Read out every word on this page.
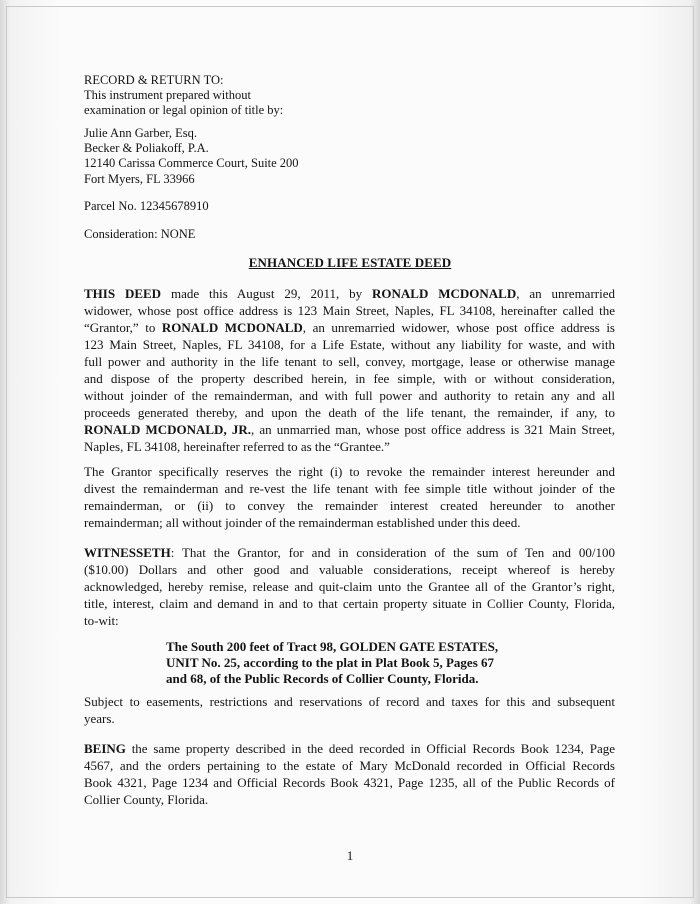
RECORD & RETURN TO:
This instrument prepared without
examination or legal opinion of title by:
Julie Ann Garber, Esq.
Becker & Poliakoff, P.A.
12140 Carissa Commerce Court, Suite 200
Fort Myers, FL 33966
Parcel No. 12345678910
Consideration: NONE
ENHANCED LIFE ESTATE DEED
THIS DEED made this August 29, 2011, by RONALD MCDONALD, an unremarried
widower, whose post office address is 123 Main Street, Naples, FL 34108, hereinafter called the
“Grantor,” to RONALD MCDONALD, an unremarried widower, whose post office address is
123 Main Street, Naples, FL 34108, for a Life Estate, without any liability for waste, and with
full power and authority in the life tenant to sell, convey, mortgage, lease or otherwise manage
and dispose of the property described herein, in fee simple, with or without consideration,
without joinder of the remainderman, and with full power and authority to retain any and all
proceeds generated thereby, and upon the death of the life tenant, the remainder, if any, to
RONALD MCDONALD, JR., an unmarried man, whose post office address is 321 Main Street,
Naples, FL 34108, hereinafter referred to as the “Grantee.”
The Grantor specifically reserves the right (i) to revoke the remainder interest hereunder and
divest the remainderman and re-vest the life tenant with fee simple title without joinder of the
remainderman, or (ii) to convey the remainder interest created hereunder to another
remainderman; all without joinder of the remainderman established under this deed.
WITNESSETH: That the Grantor, for and in consideration of the sum of Ten and 00/100
($10.00) Dollars and other good and valuable considerations, receipt whereof is hereby
acknowledged, hereby remise, release and quit-claim unto the Grantee all of the Grantor’s right,
title, interest, claim and demand in and to that certain property situate in Collier County, Florida,
to-wit:
The South 200 feet of Tract 98, GOLDEN GATE ESTATES,
UNIT No. 25, according to the plat in Plat Book 5, Pages 67
and 68, of the Public Records of Collier County, Florida.
Subject to easements, restrictions and reservations of record and taxes for this and subsequent
years.
BEING the same property described in the deed recorded in Official Records Book 1234, Page
4567, and the orders pertaining to the estate of Mary McDonald recorded in Official Records
Book 4321, Page 1234 and Official Records Book 4321, Page 1235, all of the Public Records of
Collier County, Florida.
1
